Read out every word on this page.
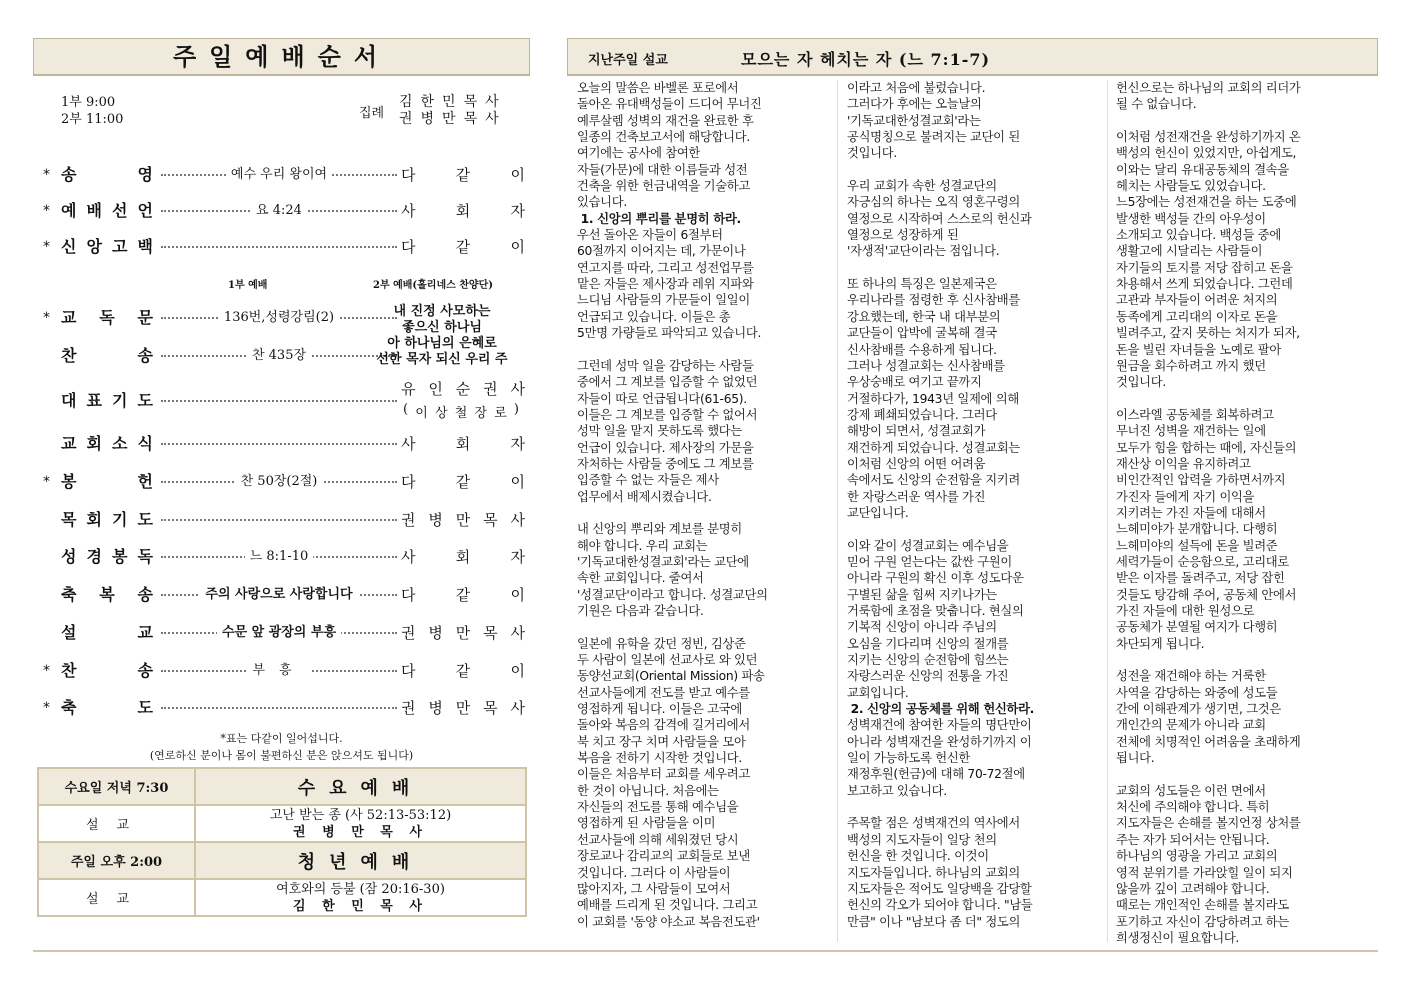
주일예배순서
1부 9:00
2부 11:00	집례
김한민목사
권병만목사
* 송	영	예수 우리 왕이여	다	같	이
* 예 배 선 언	요 4:24	사	회	자
* 신 앙 고 백	다	같	이
1부 예배	2부 예배(홀리네스 찬양단)
* 교 독 문	136번,성령강림(2)
찬	송	찬 435장
내 진정 사모하는
좋으신 하나님
아 하나님의 은혜로
선한 목자 되신 우리 주
대 표 기 도
유 인 순 권 사
( 이 상 철 장 로 )
교 회 소 식	사	회	자
* 봉	헌	찬 50장(2절)	다	같	이
목 회 기 도	권 병 만 목 사
성 경 봉 독	느 8:1-10	사	회	자
축 복 송	주의 사랑으로 사랑합니다	다	같	이
설	교	수문 앞 광장의 부흥	권 병 만 목 사
* 찬	송	부흥	다	같	이
* 축	도	권 병 만 목 사
*표는 다같이 일어섭니다.
(연로하신 분이나 몸이 불편하신 분은 앉으셔도 됩니다)
수요일 저녁 7:30	수요예배
설교	고난 받는 종 (사 52:13-53:12)
권 병 만 목 사

주일 오후 2:00	청년예배
설교	여호와의 등불 (잠 20:16-30)
김 한 민 목 사
지난주일 설교	모으는 자 헤치는 자 (느 7:1-7)
오늘의 말씀은 바벨론 포로에서
돌아온 유대백성들이 드디어 무너진
예루살렘 성벽의 재건을 완료한 후
일종의 건축보고서에 해당합니다.
여기에는 공사에 참여한
자들(가문)에 대한 이름들과 성전
건축을 위한 헌금내역을 기술하고
있습니다.
1. 신앙의 뿌리를 분명히 하라.
우선 돌아온 자들이 6절부터
60절까지 이어지는 데, 가문이나
연고지를 따라, 그리고 성전업무를
맡은 자들은 제사장과 레위 지파와
느디님 사람들의 가문들이 일일이
언급되고 있습니다. 이들은 총
5만명 가량들로 파악되고 있습니다.

그런데 성막 일을 감당하는 사람들
중에서 그 계보를 입증할 수 없었던
자들이 따로 언급됩니다(61-65).
이들은 그 계보를 입증할 수 없어서
성막 일을 맡지 못하도록 했다는
언급이 있습니다. 제사장의 가문을
자처하는 사람들 중에도 그 계보를
입증할 수 없는 자들은 제사
업무에서 배제시켰습니다.

내 신앙의 뿌리와 계보를 분명히
해야 합니다. 우리 교회는
'기독교대한성결교회'라는 교단에
속한 교회입니다. 줄여서
'성결교단'이라고 합니다. 성결교단의
기원은 다음과 같습니다.

일본에 유학을 갔던 정빈, 김상준
두 사람이 일본에 선교사로 와 있던
동양선교회(Oriental Mission) 파송
선교사들에게 전도를 받고 예수를
영접하게 됩니다. 이들은 고국에
돌아와 복음의 감격에 길거리에서
북 치고 장구 치며 사람들을 모아
복음을 전하기 시작한 것입니다.
이들은 처음부터 교회를 세우려고
한 것이 아닙니다. 처음에는
자신들의 전도를 통해 예수님을
영접하게 된 사람들을 이미
선교사들에 의해 세워졌던 당시
장로교나 감리교의 교회들로 보낸
것입니다. 그러다 이 사람들이
많아지자, 그 사람들이 모여서
예배를 드리게 된 것입니다. 그리고
이 교회를 '동양 야소교 복음전도관'
이라고 처음에 불렀습니다.
그러다가 후에는 오늘날의
'기독교대한성결교회'라는
공식명칭으로 불려지는 교단이 된
것입니다.

우리 교회가 속한 성결교단의
자긍심의 하나는 오직 영혼구령의
열정으로 시작하여 스스로의 헌신과
열정으로 성장하게 된
'자생적'교단이라는 점입니다.

또 하나의 특징은 일본제국은
우리나라를 점령한 후 신사참배를
강요했는데, 한국 내 대부분의
교단들이 압박에 굴복해 결국
신사참배를 수용하게 됩니다.
그러나 성결교회는 신사참배를
우상숭배로 여기고 끝까지
거절하다가, 1943년 일제에 의해
강제 폐쇄되었습니다. 그러다
해방이 되면서, 성결교회가
재건하게 되었습니다. 성결교회는
이처럼 신앙의 어떤 어려움
속에서도 신앙의 순전함을 지키려
한 자랑스러운 역사를 가진
교단입니다.

이와 같이 성결교회는 예수님을
믿어 구원 얻는다는 값싼 구원이
아니라 구원의 확신 이후 성도다운
구별된 삶을 힘써 지키나가는
거룩함에 초점을 맞춥니다. 현실의
기복적 신앙이 아니라 주님의
오심을 기다리며 신앙의 절개를
지키는 신앙의 순전함에 힘쓰는
자랑스러운 신앙의 전통을 가진
교회입니다.
2. 신앙의 공동체를 위해 헌신하라.
성벽재건에 참여한 자들의 명단만이
아니라 성벽재건을 완성하기까지 이
일이 가능하도록 헌신한
재정후원(헌금)에 대해 70-72절에
보고하고 있습니다.

주목할 점은 성벽재건의 역사에서
백성의 지도자들이 일당 천의
헌신을 한 것입니다. 이것이
지도자들입니다. 하나님의 교회의
지도자들은 적어도 일당백을 감당할
헌신의 각오가 되어야 합니다. "남들
만큼" 이나 "남보다 좀 더" 정도의
헌신으로는 하나님의 교회의 리더가
될 수 없습니다.

이처럼 성전재건을 완성하기까지 온
백성의 헌신이 있었지만, 아쉽게도,
이와는 달리 유대공동체의 결속을
헤치는 사람들도 있었습니다.
느5장에는 성전재건을 하는 도중에
발생한 백성들 간의 아우성이
소개되고 있습니다. 백성들 중에
생활고에 시달리는 사람들이
자기들의 토지를 저당 잡히고 돈을
차용해서 쓰게 되었습니다. 그런데
고관과 부자들이 어려운 처지의
동족에게 고리대의 이자로 돈을
빌려주고, 갚지 못하는 처지가 되자,
돈을 빌린 자녀들을 노예로 팔아
원금을 회수하려고 까지 했던
것입니다.

이스라엘 공동체를 회복하려고
무너진 성벽을 재건하는 일에
모두가 힘을 합하는 때에, 자신들의
재산상 이익을 유지하려고
비인간적인 압력을 가하면서까지
가진자 들에게 자기 이익을
지키려는 가진 자들에 대해서
느헤미야가 분개합니다. 다행히
느헤미야의 설득에 돈을 빌려준
세력가들이 순응함으로, 고리대로
받은 이자를 돌려주고, 저당 잡힌
것들도 탕감해 주어, 공동체 안에서
가진 자들에 대한 원성으로
공동체가 분열될 여지가 다행히
차단되게 됩니다.

성전을 재건해야 하는 거룩한
사역을 감당하는 와중에 성도들
간에 이해관계가 생기면, 그것은
개인간의 문제가 아니라 교회
전체에 치명적인 어려움을 초래하게
됩니다.

교회의 성도들은 이런 면에서
처신에 주의해야 합니다. 특히
지도자들은 손해를 볼지언정 상처를
주는 자가 되어서는 안됩니다.
하나님의 영광을 가리고 교회의
영적 분위기를 가라앉힐 일이 되지
않을까 깊이 고려해야 합니다.
때로는 개인적인 손해를 볼지라도
포기하고 자신이 감당하려고 하는
희생정신이 필요합니다.
